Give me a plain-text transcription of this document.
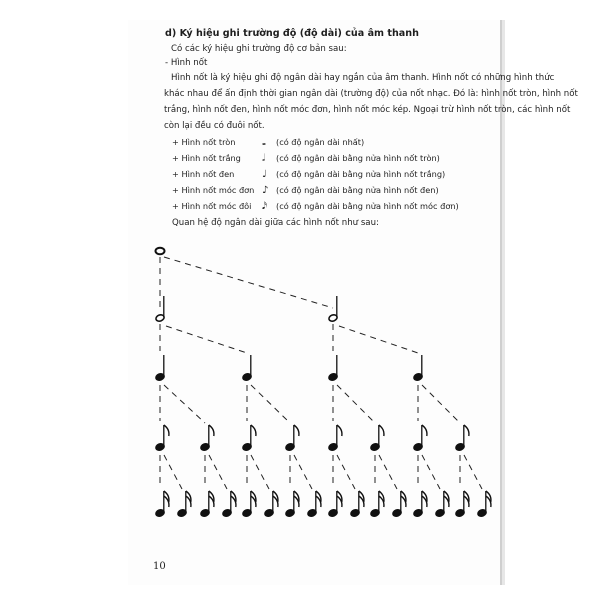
d) Ký hiệu ghi trường độ (độ dài) của âm thanh
Có các ký hiệu ghi trường độ cơ bản sau:
- Hình nốt
Hình nốt là ký hiệu ghi độ ngân dài hay ngắn của âm thanh. Hình nốt có những hình thức
khác nhau để ấn định thời gian ngân dài (trường độ) của nốt nhạc. Đó là: hình nốt tròn, hình nốt
trắng, hình nốt đen, hình nốt móc đơn, hình nốt móc kép. Ngoại trừ hình nốt tròn, các hình nốt
còn lại đều có đuôi nốt.
+ Hình nốt tròn	𝅝 (có độ ngân dài nhất)
+ Hình nốt trắng 𝅗𝅥 (có độ ngân dài bằng nửa hình nốt tròn)
+ Hình nốt đen	♩ (có độ ngân dài bằng nửa hình nốt trắng)
+ Hình nốt móc đơn ♪ (có độ ngân dài bằng nửa hình nốt đen)
+ Hình nốt móc đôi 𝅘𝅥𝅯 (có độ ngân dài bằng nửa hình nốt móc đơn)
Quan hệ độ ngân dài giữa các hình nốt như sau:
10
